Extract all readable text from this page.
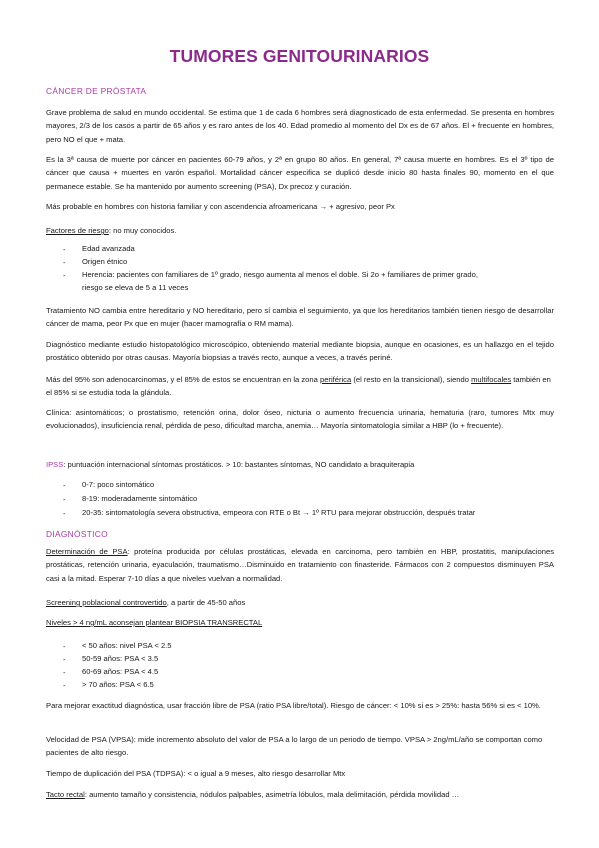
TUMORES GENITOURINARIOS
CÁNCER DE PRÓSTATA
Grave problema de salud en mundo occidental. Se estima que 1 de cada 6 hombres será diagnosticado de esta enfermedad. Se presenta en hombres mayores, 2/3 de los casos a partir de 65 años y es raro antes de los 40. Edad promedio al momento del Dx es de 67 años. El + frecuente en hombres, pero NO el que + mata.
Es la 3ª causa de muerte por cáncer en pacientes 60-79 años, y 2ª en grupo 80 años. En general, 7ª causa muerte en hombres. Es el 3º tipo de cáncer que causa + muertes en varón español. Mortalidad cáncer especifica se duplicó desde inicio 80 hasta finales 90, momento en el que permanece estable. Se ha mantenido por aumento screening (PSA), Dx precoz y curación.
Más probable en hombres con historia familiar y con ascendencia afroamericana → + agresivo, peor Px
Factores de riesgo: no muy conocidos.
- Edad avanzada
- Origen étnico
- Herencia: pacientes con familiares de 1º grado, riesgo aumenta al menos el doble. Si 2o + familiares de primer grado,
riesgo se eleva de 5 a 11 veces
Tratamiento NO cambia entre hereditario y NO hereditario, pero sí cambia el seguimiento, ya que los hereditarios también tienen riesgo de desarrollar cáncer de mama, peor Px que en mujer (hacer mamografía o RM mama).
Diagnóstico mediante estudio histopatológico microscópico, obteniendo material mediante biopsia, aunque en ocasiones, es un hallazgo en el tejido prostático obtenido por otras causas. Mayoría biopsias a través recto, aunque a veces, a través periné.
Más del 95% son adenocarcinomas, y el 85% de estos se encuentran en la zona periférica (el resto en la transicional), siendo multifocales también en el 85% si se estudia toda la glándula.
Clínica: asintomáticos; o prostatismo, retención orina, dolor óseo, nicturia o aumento frecuencia urinaria, hematuria (raro, tumores Mtx muy evolucionados), insuficiencia renal, pérdida de peso, dificultad marcha, anemia… Mayoría sintomatología similar a HBP (lo + frecuente).
IPSS: puntuación internacional síntomas prostáticos. > 10: bastantes síntomas, NO candidato a braquiterapia
- 0-7: poco sintomático
- 8-19: moderadamente sintomático
- 20-35: sintomatología severa obstructiva, empeora con RTE o Bt → 1º RTU para mejorar obstrucción, después tratar
DIAGNÓSTICO
Determinación de PSA: proteína producida por células prostáticas, elevada en carcinoma, pero también en HBP, prostatitis, manipulaciones prostáticas, retención urinaria, eyaculación, traumatismo…Disminuido en tratamiento con finasteride. Fármacos con 2 compuestos disminuyen PSA casi a la mitad. Esperar 7-10 días a que niveles vuelvan a normalidad.
Screening poblacional controvertido, a partir de 45-50 años
Niveles > 4 ng/mL aconsejan plantear BIOPSIA TRANSRECTAL
- < 50 años: nivel PSA < 2.5
- 50-59 años: PSA < 3.5
- 60-69 años: PSA < 4.5
- > 70 años: PSA < 6.5
Para mejorar exactitud diagnóstica, usar fracción libre de PSA (ratio PSA libre/total). Riesgo de cáncer: < 10% si es > 25%: hasta 56% si es < 10%.
Velocidad de PSA (VPSA): mide incremento absoluto del valor de PSA a lo largo de un periodo de tiempo. VPSA > 2ng/mL/año se comportan como pacientes de alto riesgo.
Tiempo de duplicación del PSA (TDPSA): < o igual a 9 meses, alto riesgo desarrollar Mtx
Tacto rectal: aumento tamaño y consistencia, nódulos palpables, asimetría lóbulos, mala delimitación, pérdida movilidad …
